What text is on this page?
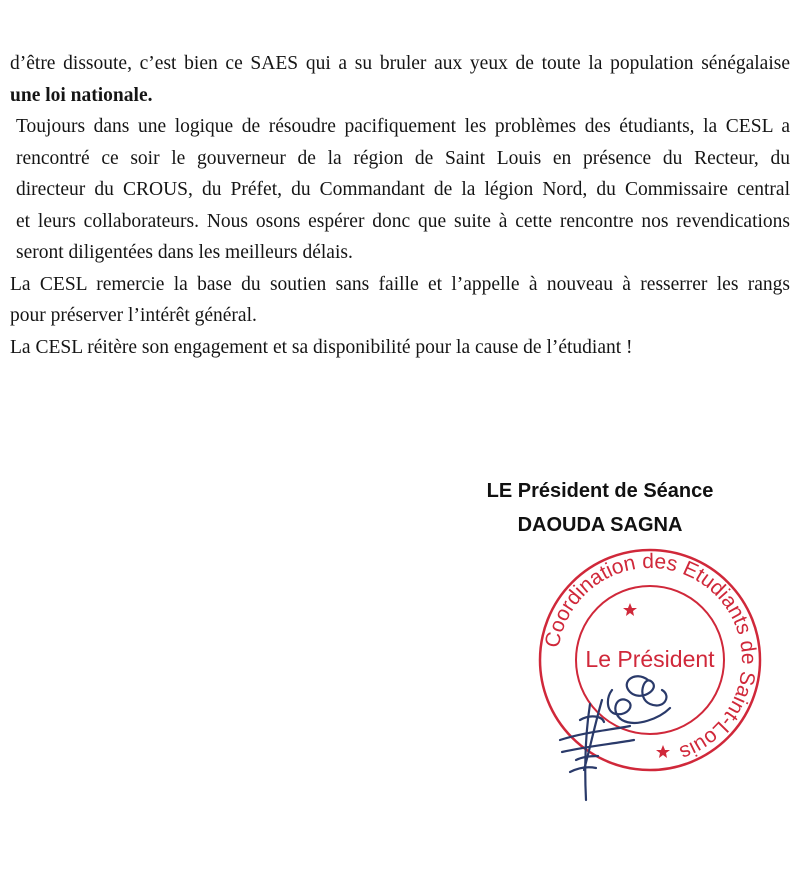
d’être dissoute, c’est bien ce SAES qui a su bruler aux yeux de toute la population sénégalaise
une loi nationale.
Toujours dans une logique de résoudre pacifiquement les problèmes des étudiants, la CESL a
rencontré ce soir le gouverneur de la région de Saint Louis en présence du Recteur, du
directeur du CROUS, du Préfet, du Commandant de la légion Nord, du Commissaire central
et leurs collaborateurs. Nous osons espérer donc que suite à cette rencontre nos revendications
seront diligentées dans les meilleurs délais.
La CESL remercie la base du soutien sans faille et l’appelle à nouveau à resserrer les rangs
pour préserver l’intérêt général.
La CESL réitère son engagement et sa disponibilité pour la cause de l’étudiant !
LE Président de Séance
DAOUDA SAGNA
Coordination des Etudiants de Saint-Louis
Le Président
